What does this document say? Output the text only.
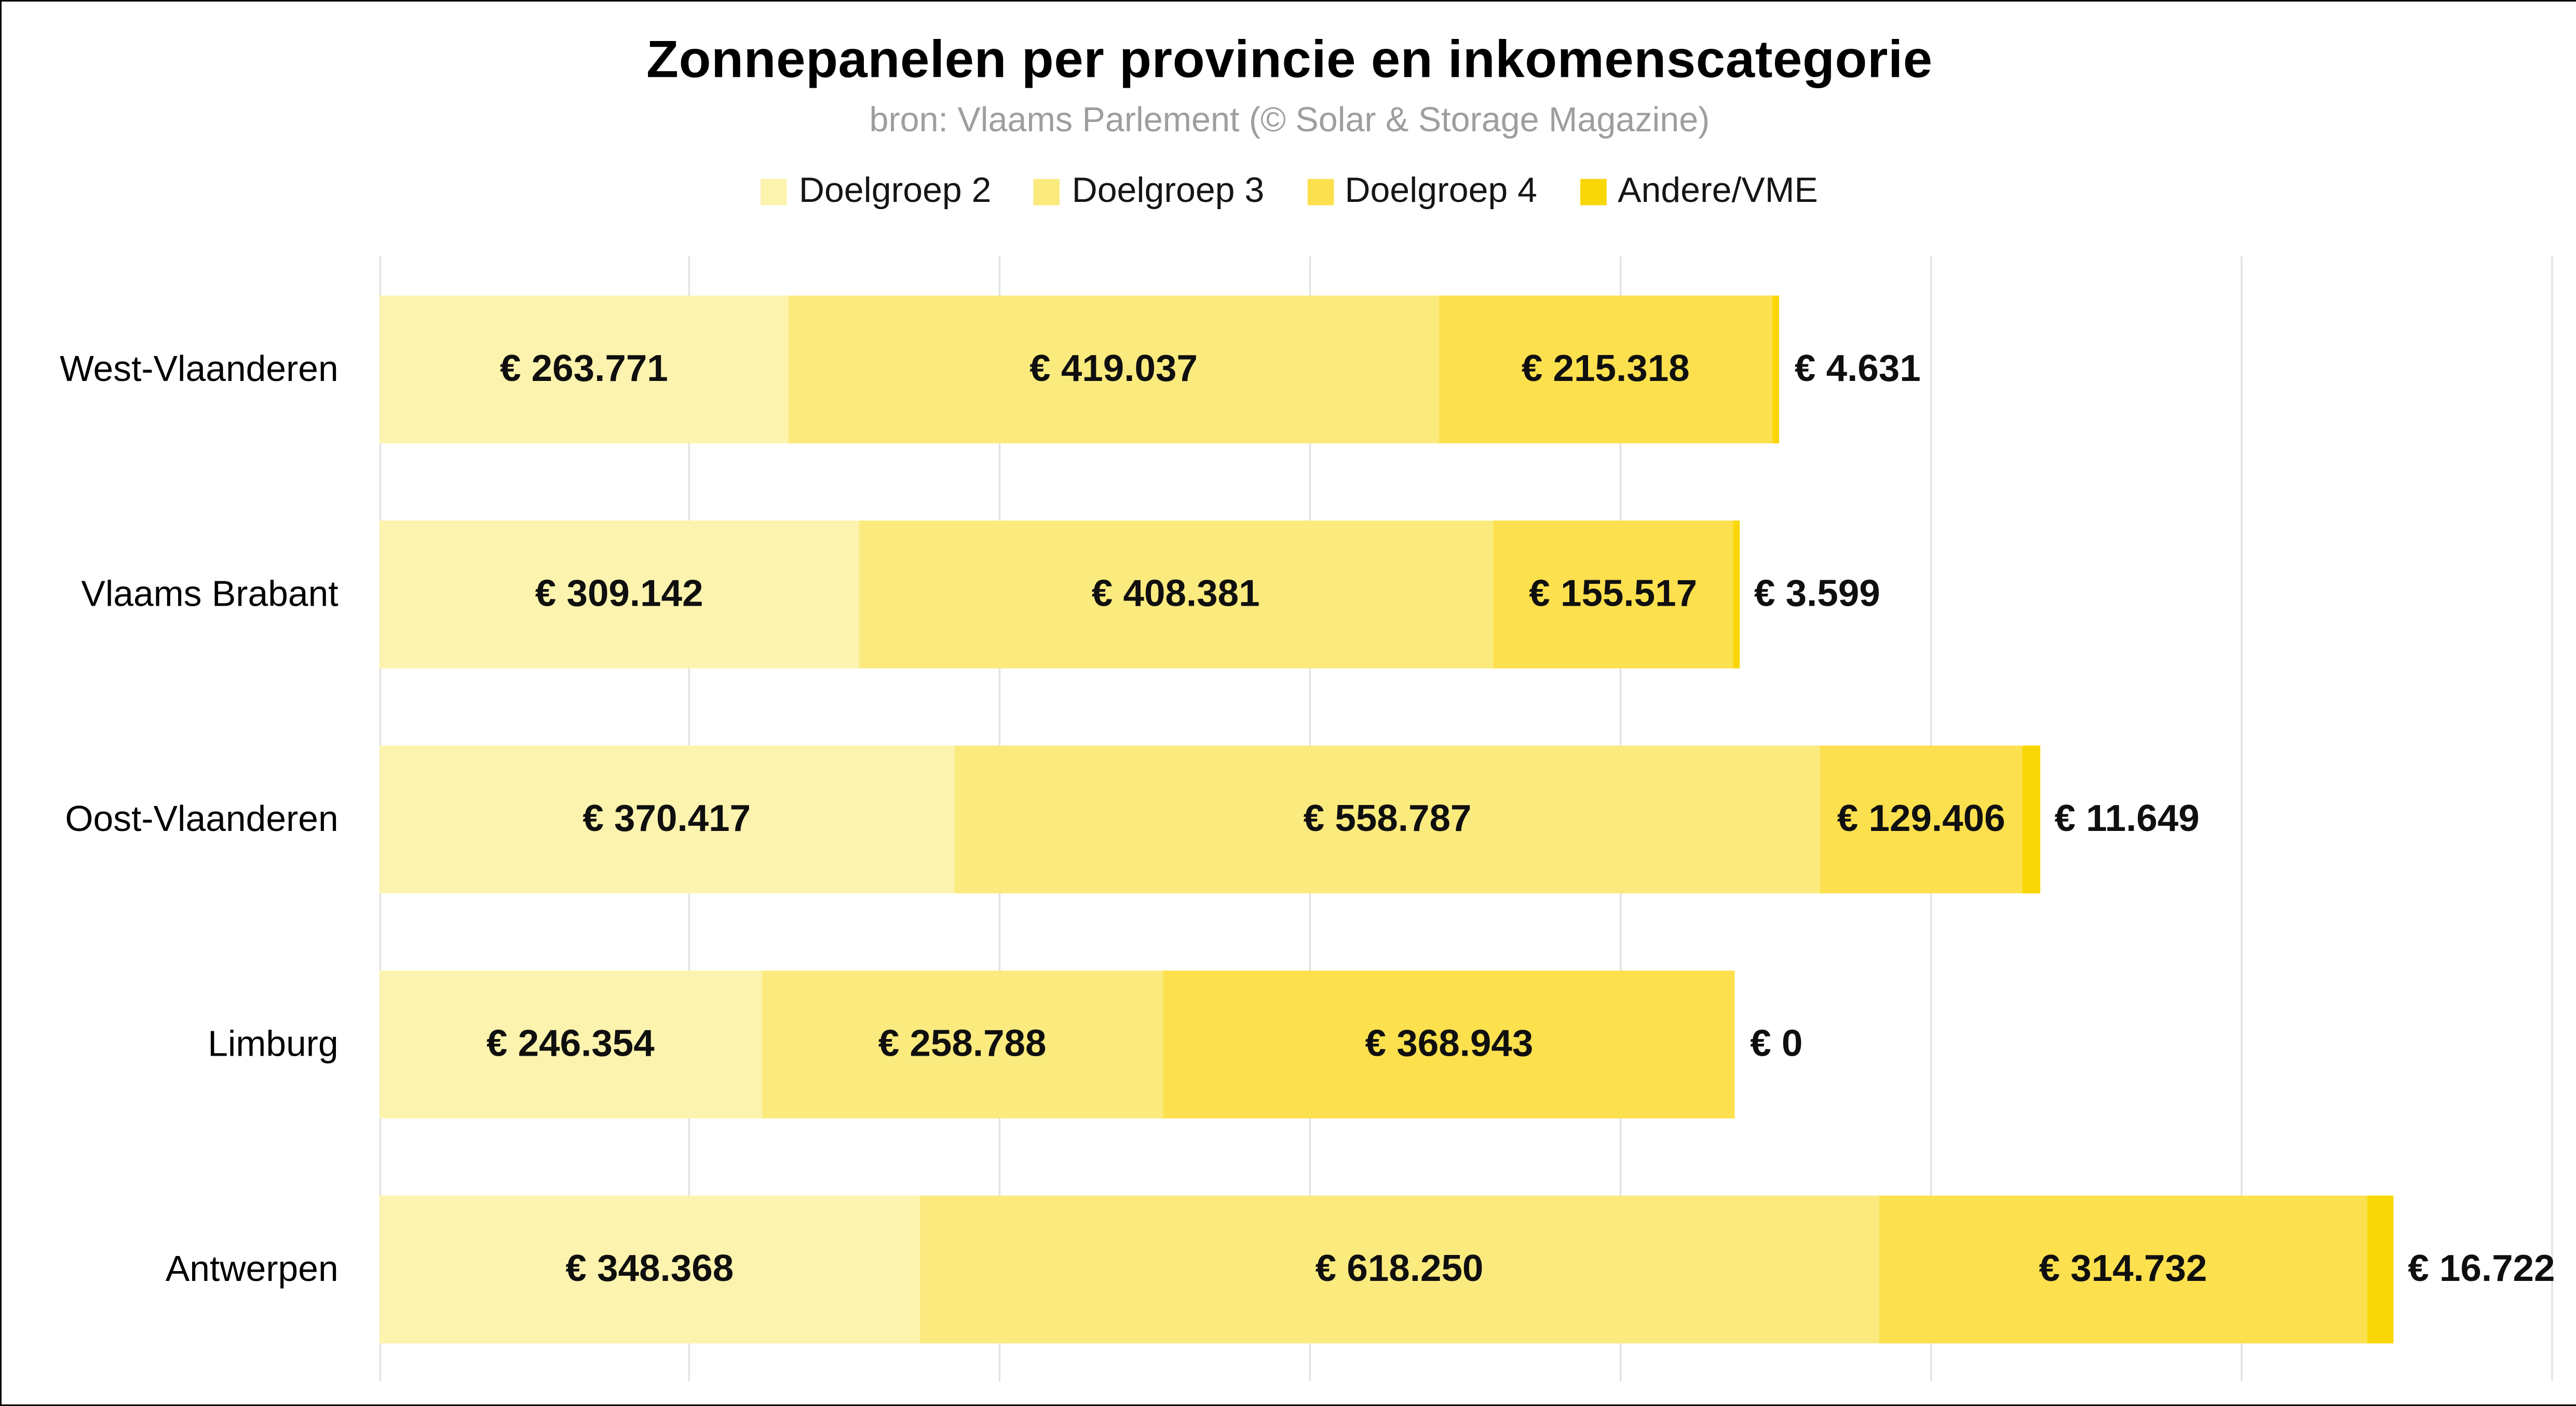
Zonnepanelen per provincie en inkomenscategorie
bron: Vlaams Parlement (© Solar & Storage Magazine)
Doelgroep 2	Doelgroep 3	Doelgroep 4	Andere/VME
West-Vlaanderen	€ 263.771	€ 419.037	€ 215.318	€ 4.631
Vlaams Brabant	€ 309.142	€ 408.381	€ 155.517	€ 3.599
Oost-Vlaanderen	€ 370.417	€ 558.787	€ 129.406	€ 11.649
Limburg	€ 246.354	€ 258.788	€ 368.943	€ 0
Antwerpen	€ 348.368	€ 618.250	€ 314.732	€ 16.722
